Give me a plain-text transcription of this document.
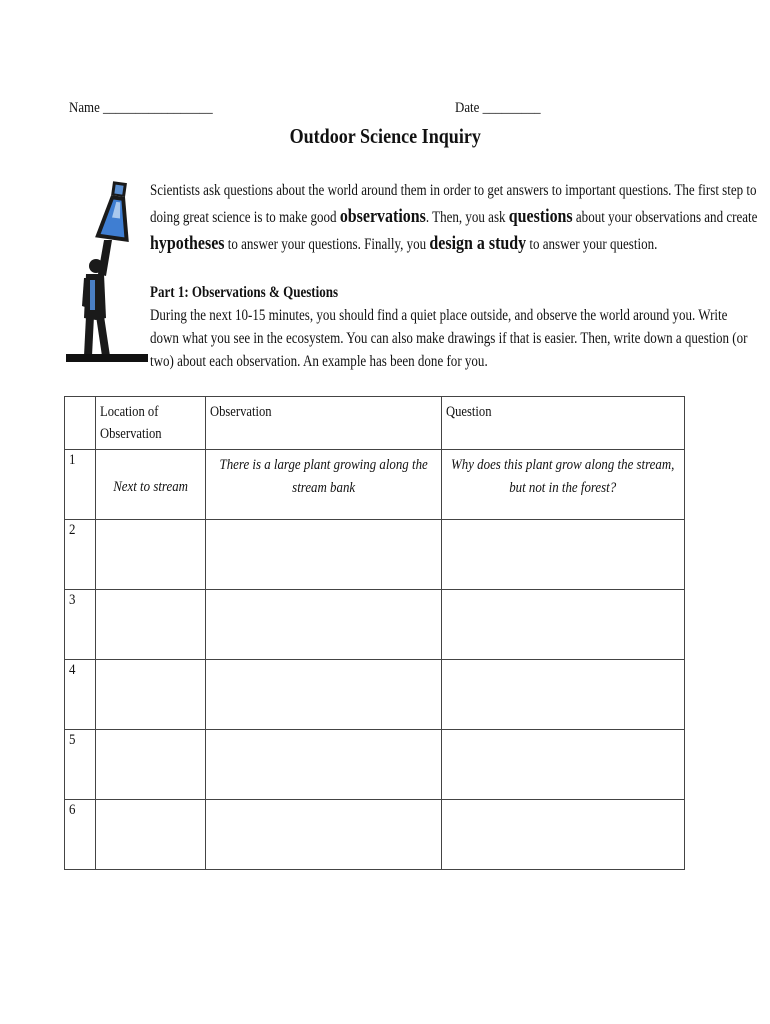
Name _________________	Date _________
Outdoor Science Inquiry
Scientists ask questions about the world around them in order to get answers to important questions. The first step to
doing great science is to make good observations. Then, you ask questions about your observations and create
hypotheses to answer your questions. Finally, you design a study to answer your question.
Part 1: Observations & Questions
During the next 10-15 minutes, you should find a quiet place outside, and observe the world around you. Write
down what you see in the ecosystem. You can also make drawings if that is easier. Then, write down a question (or
two) about each observation. An example has been done for you.

	Location of Observation	Observation	Question

1	Next to stream	There is a large plant growing along the stream bank	Why does this plant grow along the stream, but not in the forest?

2			
3			
4			
5			
6			
